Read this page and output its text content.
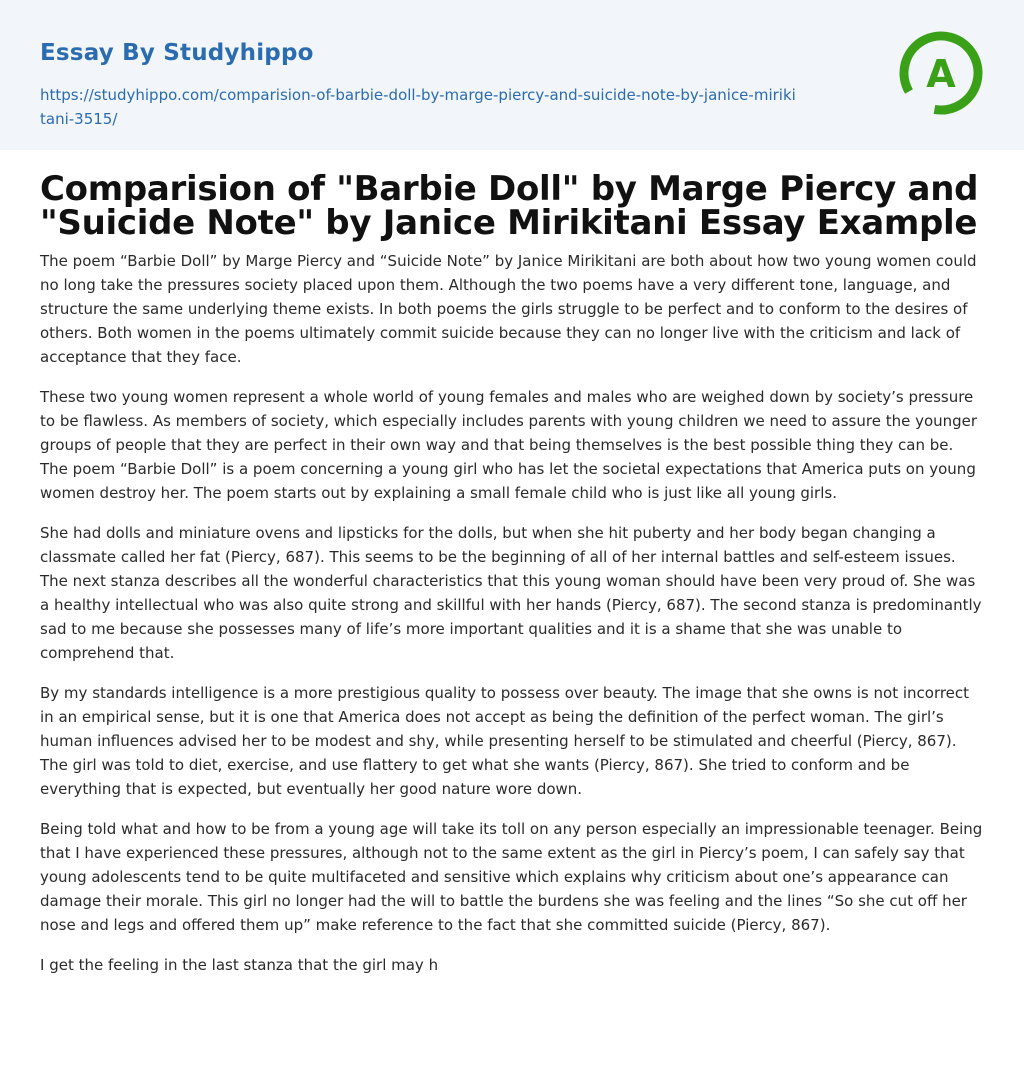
Essay By Studyhippo
https://studyhippo.com/comparision-of-barbie-doll-by-marge-piercy-and-suicide-note-by-janice-mirikitani-3515/
A
Comparision of "Barbie Doll" by Marge Piercy and "Suicide Note" by Janice Mirikitani Essay Example

The poem “Barbie Doll” by Marge Piercy and “Suicide Note” by Janice Mirikitani are both about how two young women could no long take the pressures society placed upon them. Although the two poems have a very different tone, language, and structure the same underlying theme exists. In both poems the girls struggle to be perfect and to conform to the desires of others. Both women in the poems ultimately commit suicide because they can no longer live with the criticism and lack of acceptance that they face.

These two young women represent a whole world of young females and males who are weighed down by society’s pressure to be flawless. As members of society, which especially includes parents with young children we need to assure the younger groups of people that they are perfect in their own way and that being themselves is the best possible thing they can be. The poem “Barbie Doll” is a poem concerning a young girl who has let the societal expectations that America puts on young women destroy her. The poem starts out by explaining a small female child who is just like all young girls.

She had dolls and miniature ovens and lipsticks for the dolls, but when she hit puberty and her body began changing a classmate called her fat (Piercy, 687). This seems to be the beginning of all of her internal battles and self-esteem issues. The next stanza describes all the wonderful characteristics that this young woman should have been very proud of. She was a healthy intellectual who was also quite strong and skillful with her hands (Piercy, 687). The second stanza is predominantly sad to me because she possesses many of life’s more important qualities and it is a shame that she was unable to comprehend that.

By my standards intelligence is a more prestigious quality to possess over beauty. The image that she owns is not incorrect in an empirical sense, but it is one that America does not accept as being the definition of the perfect woman. The girl’s human influences advised her to be modest and shy, while presenting herself to be stimulated and cheerful (Piercy, 867). The girl was told to diet, exercise, and use flattery to get what she wants (Piercy, 867). She tried to conform and be everything that is expected, but eventually her good nature wore down.

Being told what and how to be from a young age will take its toll on any person especially an impressionable teenager. Being that I have experienced these pressures, although not to the same extent as the girl in Piercy’s poem, I can safely say that young adolescents tend to be quite multifaceted and sensitive which explains why criticism about one’s appearance can damage their morale. This girl no longer had the will to battle the burdens she was feeling and the lines “So she cut off her nose and legs and offered them up” make reference to the fact that she committed suicide (Piercy, 867).

I get the feeling in the last stanza that the girl may h
